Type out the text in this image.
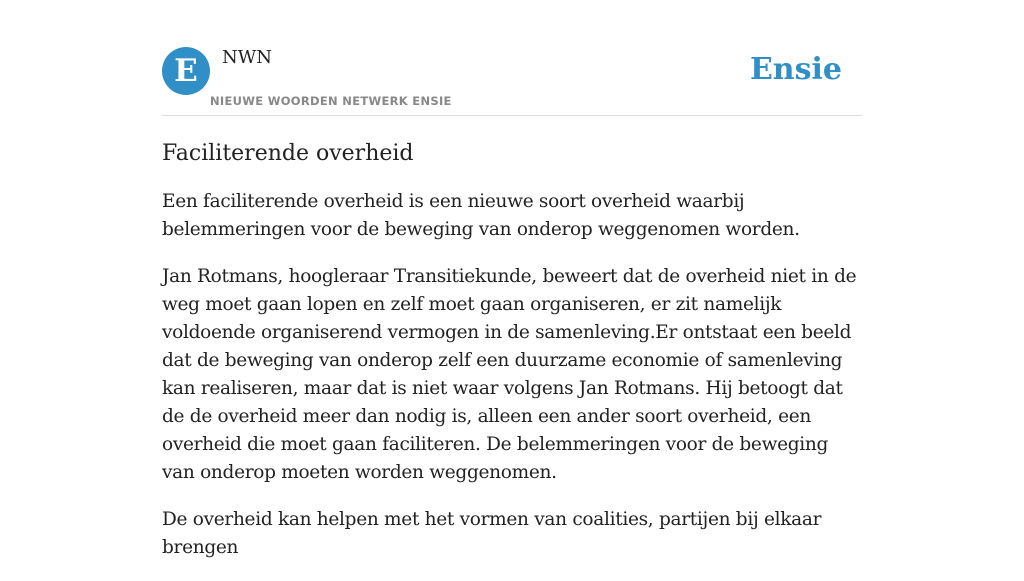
E	NWN
NIEUWE WOORDEN NETWERK ENSIE
Ensie
Faciliterende overheid

Een faciliterende overheid is een nieuwe soort overheid waarbij belemmeringen voor de beweging van onderop weggenomen worden.

Jan Rotmans, hoogleraar Transitiekunde, beweert dat de overheid niet in de weg moet gaan lopen en zelf moet gaan organiseren, er zit namelijk voldoende organiserend vermogen in de samenleving.Er ontstaat een beeld dat de beweging van onderop zelf een duurzame economie of samenleving kan realiseren, maar dat is niet waar volgens Jan Rotmans. Hij betoogt dat de de overheid meer dan nodig is, alleen een ander soort overheid, een overheid die moet gaan faciliteren. De belemmeringen voor de beweging van onderop moeten worden weggenomen.

De overheid kan helpen met het vormen van coalities, partijen bij elkaar brengen
